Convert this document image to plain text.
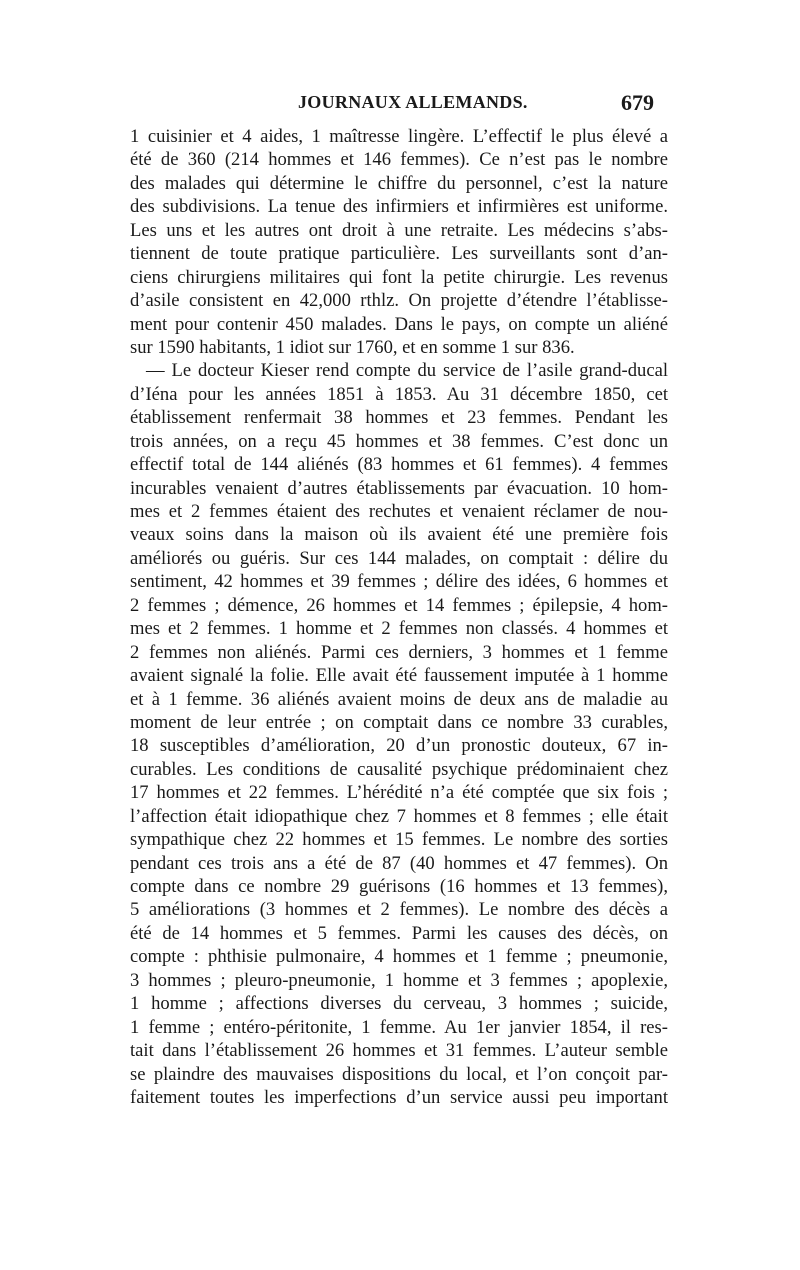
JOURNAUX ALLEMANDS.	679
1 cuisinier et 4 aides, 1 maîtresse lingère. L’effectif le plus élevé a
été de 360 (214 hommes et 146 femmes). Ce n’est pas le nombre
des malades qui détermine le chiffre du personnel, c’est la nature
des subdivisions. La tenue des infirmiers et infirmières est uniforme.
Les uns et les autres ont droit à une retraite. Les médecins s’abs-
tiennent de toute pratique particulière. Les surveillants sont d’an-
ciens chirurgiens militaires qui font la petite chirurgie. Les revenus
d’asile consistent en 42,000 rthlz. On projette d’étendre l’établisse-
ment pour contenir 450 malades. Dans le pays, on compte un aliéné
sur 1590 habitants, 1 idiot sur 1760, et en somme 1 sur 836.
— Le docteur Kieser rend compte du service de l’asile grand-ducal
d’Iéna pour les années 1851 à 1853. Au 31 décembre 1850, cet
établissement renfermait 38 hommes et 23 femmes. Pendant les
trois années, on a reçu 45 hommes et 38 femmes. C’est donc un
effectif total de 144 aliénés (83 hommes et 61 femmes). 4 femmes
incurables venaient d’autres établissements par évacuation. 10 hom-
mes et 2 femmes étaient des rechutes et venaient réclamer de nou-
veaux soins dans la maison où ils avaient été une première fois
améliorés ou guéris. Sur ces 144 malades, on comptait : délire du
sentiment, 42 hommes et 39 femmes ; délire des idées, 6 hommes et
2 femmes ; démence, 26 hommes et 14 femmes ; épilepsie, 4 hom-
mes et 2 femmes. 1 homme et 2 femmes non classés. 4 hommes et
2 femmes non aliénés. Parmi ces derniers, 3 hommes et 1 femme
avaient signalé la folie. Elle avait été faussement imputée à 1 homme
et à 1 femme. 36 aliénés avaient moins de deux ans de maladie au
moment de leur entrée ; on comptait dans ce nombre 33 curables,
18 susceptibles d’amélioration, 20 d’un pronostic douteux, 67 in-
curables. Les conditions de causalité psychique prédominaient chez
17 hommes et 22 femmes. L’hérédité n’a été comptée que six fois ;
l’affection était idiopathique chez 7 hommes et 8 femmes ; elle était
sympathique chez 22 hommes et 15 femmes. Le nombre des sorties
pendant ces trois ans a été de 87 (40 hommes et 47 femmes). On
compte dans ce nombre 29 guérisons (16 hommes et 13 femmes),
5 améliorations (3 hommes et 2 femmes). Le nombre des décès a
été de 14 hommes et 5 femmes. Parmi les causes des décès, on
compte : phthisie pulmonaire, 4 hommes et 1 femme ; pneumonie,
3 hommes ; pleuro-pneumonie, 1 homme et 3 femmes ; apoplexie,
1 homme ; affections diverses du cerveau, 3 hommes ; suicide,
1 femme ; entéro-péritonite, 1 femme. Au 1er janvier 1854, il res-
tait dans l’établissement 26 hommes et 31 femmes. L’auteur semble
se plaindre des mauvaises dispositions du local, et l’on conçoit par-
faitement toutes les imperfections d’un service aussi peu important
